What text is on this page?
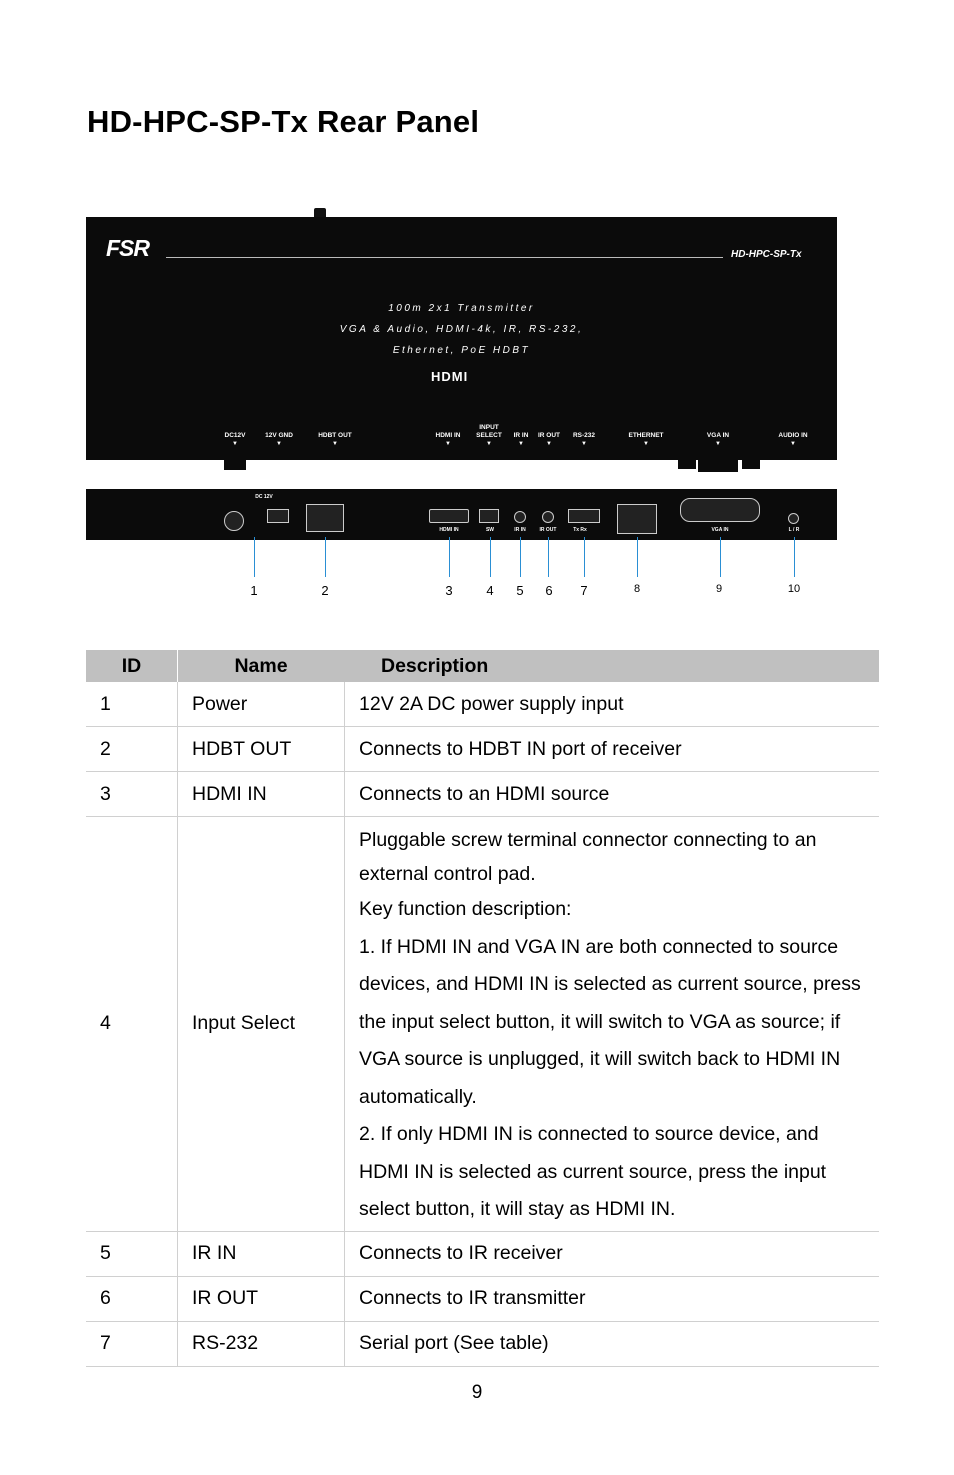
HD-HPC-SP-Tx Rear Panel
FSR	HD-HPC-SP-Tx
100m 2x1 Transmitter
VGA & Audio, HDMI-4k, IR, RS-232,
Ethernet, PoE HDBT
HDMI
DC12V
▼
12V GND
▼
HDBT OUT
▼
HDMI IN
▼
INPUT SELECT
▼
IR IN
▼
IR OUT
▼
RS-232
▼
ETHERNET
▼
VGA IN
▼
AUDIO IN
▼
DC 12V
HDMI IN	SW	IR IN	IR OUT	Tx Rx	VGA IN	L / R
1	2	3	4 5 6 7	8	9	10
ID	Name	Description
1	Power	12V 2A DC power supply input
2	HDBT OUT	Connects to HDBT IN port of receiver
3	HDMI IN	Connects to an HDMI source
4	Input Select	Pluggable screw terminal connector connecting to an external control pad.

Key function description:

1. If HDMI IN and VGA IN are both connected to source devices, and HDMI IN is selected as current source, press the input select button, it will switch to VGA as source; if VGA source is unplugged, it will switch back to HDMI IN automatically.

2. If only HDMI IN is connected to source device, and HDMI IN is selected as current source, press the input select button, it will stay as HDMI IN.

5	IR IN	Connects to IR receiver
6	IR OUT	Connects to IR transmitter
7	RS-232	Serial port (See table)
9
